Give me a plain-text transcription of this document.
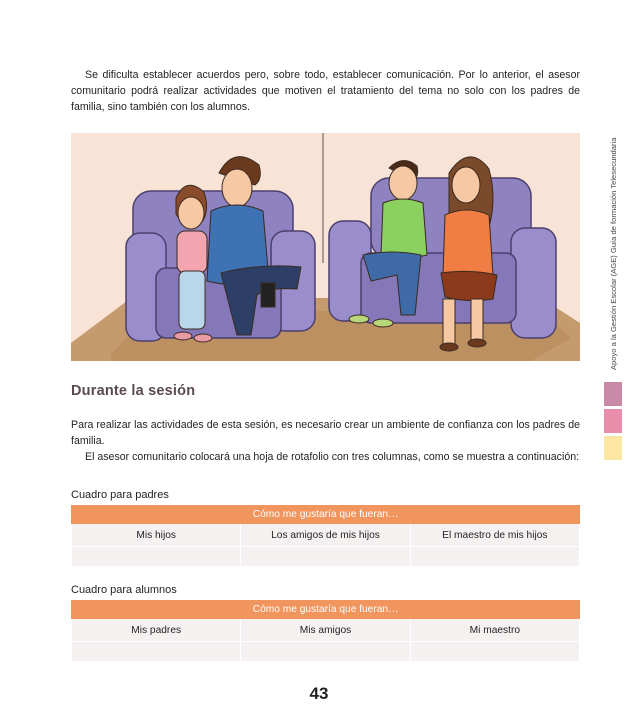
Se dificulta establecer acuerdos pero, sobre todo, establecer comunicación. Por lo anterior, el asesor comunitario podrá realizar actividades que motiven el tratamiento del tema no solo con los padres de familia, sino también con los alumnos.

Durante la sesión

Para realizar las actividades de esta sesión, es necesario crear un ambiente de confianza con los padres de familia.

El asesor comunitario colocará una hoja de rotafolio con tres columnas, como se muestra a continuación:

Cuadro para padres
Cómo me gustaría que fueran…		
Mis hijos	Los amigos de mis hijos	El maestro de mis hijos

Cuadro para alumnos
Cómo me gustaría que fueran…		
Mis padres	Mis amigos	Mi maestro

Apoyo a la Gestión Escolar (AGE) Guía de formación Telesecundaria
43
